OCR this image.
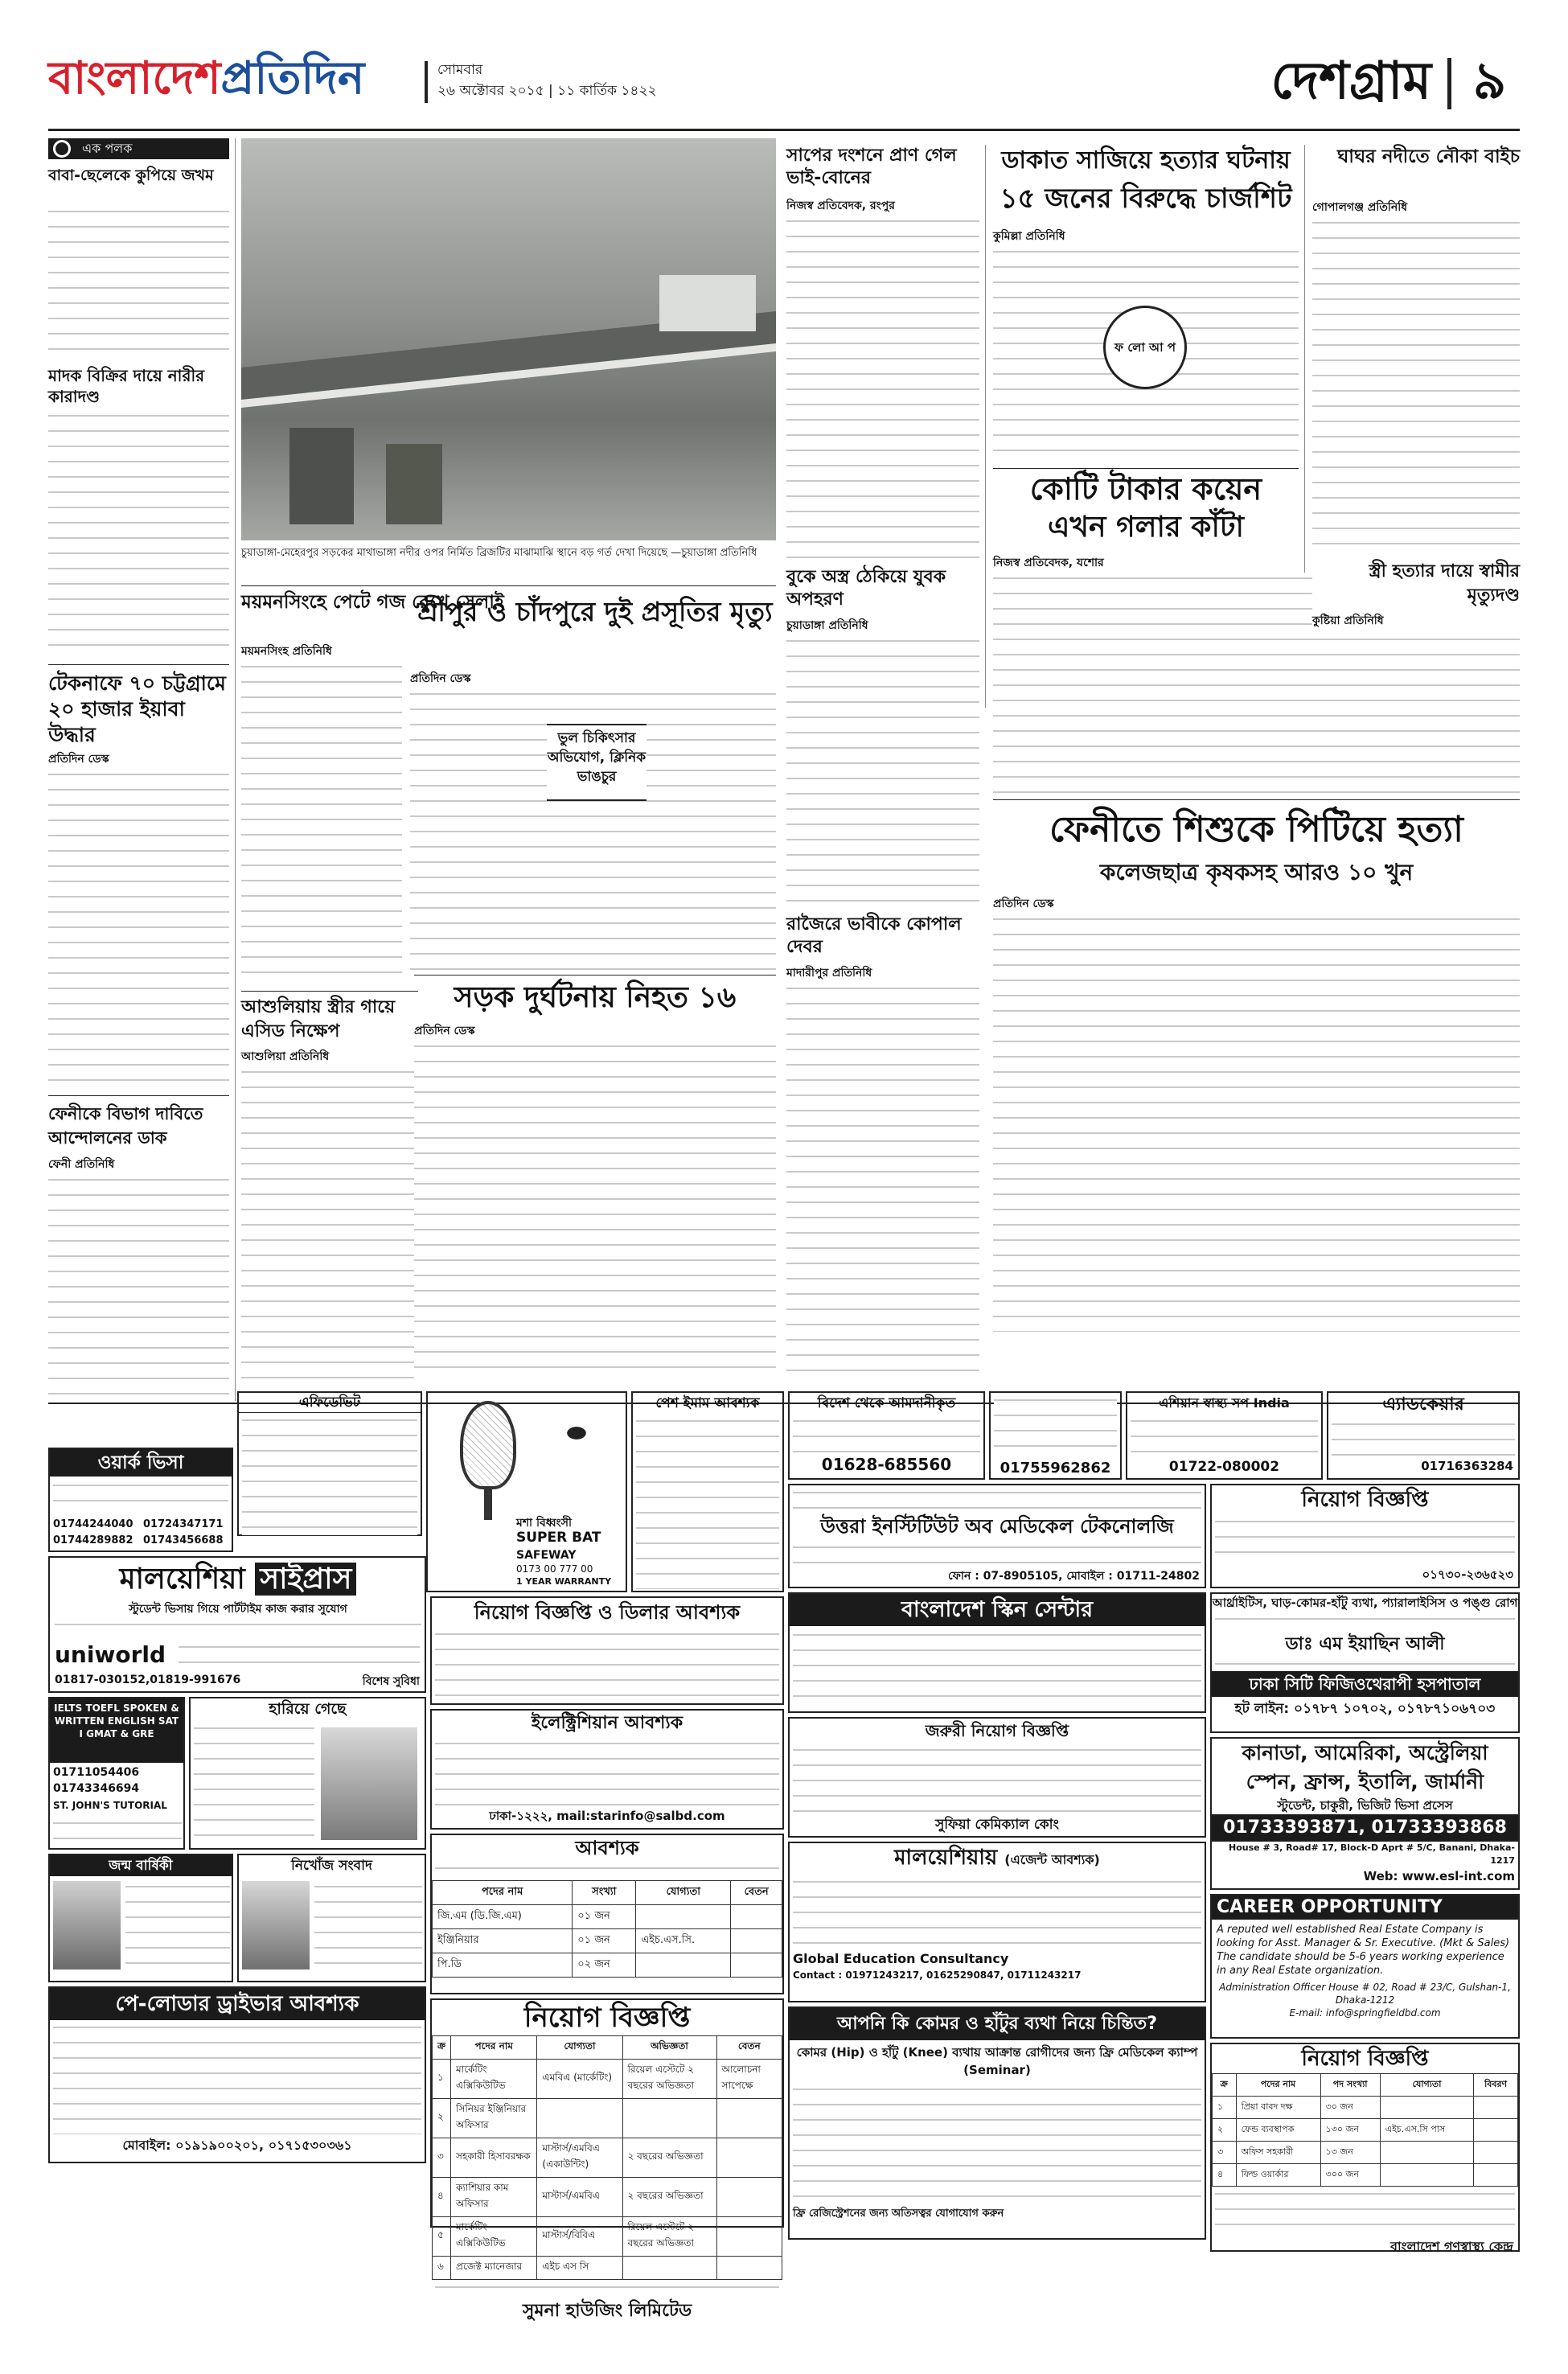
বাংলাদেশপ্রতিদিন	সোমবার
২৬ অক্টোবর ২০১৫ | ১১ কার্তিক ১৪২২	দেশগ্রাম ৯
এক পলক
বাবা-ছেলেকে কুপিয়ে জখম
মাদক বিক্রির দায়ে নারীর কারাদণ্ড
টেকনাফে ৭০ চট্টগ্রামে ২০ হাজার ইয়াবা উদ্ধার
প্রতিদিন ডেস্ক
ফেনীকে বিভাগ দাবিতে আন্দোলনের ডাক
ফেনী প্রতিনিধি
চুয়াডাঙ্গা-মেহেরপুর সড়কের মাথাভাঙ্গা নদীর ওপর নির্মিত ব্রিজটির মাঝামাঝি স্থানে বড় গর্ত দেখা দিয়েছে —চুয়াডাঙ্গা প্রতিনিধি
সাপের দংশনে প্রাণ গেল ভাই-বোনের
নিজস্ব প্রতিবেদক, রংপুর
ডাকাত সাজিয়ে হত্যার ঘটনায়
১৫ জনের বিরুদ্ধে চার্জশিট
কুমিল্লা প্রতিনিধি
ফ লো আ প
ঘাঘর নদীতে নৌকা বাইচ
গোপালগঞ্জ প্রতিনিধি
কোটি টাকার কয়েন
এখন গলার কাঁটা
নিজস্ব প্রতিবেদক, যশোর	স্ত্রী হত্যার দায়ে স্বামীর মৃত্যুদণ্ড
কুষ্টিয়া প্রতিনিধি
বুকে অস্ত্র ঠেকিয়ে যুবক অপহরণ
চুয়াডাঙ্গা প্রতিনিধি
ময়মনসিংহে পেটে গজ রেখে সেলাই
ময়মনসিংহ প্রতিনিধি
শ্রীপুর ও চাঁদপুরে দুই প্রসূতির মৃত্যু
প্রতিদিন ডেস্ক
ভুল চিকিৎসার অভিযোগ, ক্লিনিক ভাঙচুর
রাজৈরে ভাবীকে কোপাল দেবর
মাদারীপুর প্রতিনিধি
আশুলিয়ায় স্ত্রীর গায়ে এসিড নিক্ষেপ
আশুলিয়া প্রতিনিধি
সড়ক দুর্ঘটনায় নিহত ১৬
প্রতিদিন ডেস্ক
ফেনীতে শিশুকে পিটিয়ে হত্যা
কলেজছাত্র কৃষকসহ আরও ১০ খুন
প্রতিদিন ডেস্ক
এফিডেভিট
মশা বিধ্বংসী
SUPER BAT
SAFEWAY
0173 00 777 00
1 YEAR WARRANTY
পেশ ইমাম আবশ্যক	বিদেশ থেকে আমদানীকৃত
01628-685560	01755962862
এশিয়ান স্বাস্থ্য সপ India
01722-080002
এ্যাডকেয়ার
01716363284
ওয়ার্ক ভিসা
01744244040 01724347171
01744289882 01743456688
উত্তরা ইনস্টিটিউট অব মেডিকেল টেকনোলজি
ফোন : 07-8905105, মোবাইল : 01711-24802
নিয়োগ বিজ্ঞপ্তি
০১৭৩০-২৩৬৫২৩
মালয়েশিয়া সাইপ্রাস
স্টুডেন্ট ভিসায় গিয়ে পার্টটাইম কাজ করার সুযোগ
uniworld
01817-030152,01819-991676	বিশেষ সুবিধা
নিয়োগ বিজ্ঞপ্তি ও ডিলার আবশ্যক	বাংলাদেশ স্কিন সেন্টার	আর্থ্রাইটিস, ঘাড়-কোমর-হাঁটু ব্যথা, প্যারালাইসিস ও পঙ্গু রোগ
ডাঃ এম ইয়াছিন আলী
ঢাকা সিটি ফিজিওথেরাপী হসপাতাল
হট লাইন: ০১৭৮৭ ১০৭০২, ০১৭৮৭১০৬৭০৩
হারিয়ে গেছে
IELTS TOEFL SPOKEN & WRITTEN ENGLISH SAT I GMAT & GRE
01711054406
01743346694
ST. JOHN'S TUTORIAL
ইলেক্ট্রিশিয়ান আবশ্যক
ঢাকা-১২২২, mail:starinfo@salbd.com
জরুরী নিয়োগ বিজ্ঞপ্তি
সুফিয়া কেমিক্যাল কোং
কানাডা, আমেরিকা, অস্ট্রেলিয়া
স্পেন, ফ্রান্স, ইতালি, জার্মানী
স্টুডেন্ট, চাকুরী, ভিজিট ভিসা প্রসেস
01733393871, 01733393868
House # 3, Road# 17, Block-D Aprt # 5/C, Banani, Dhaka-1217
Web: www.esl-int.com
জন্ম বার্ষিকী	নিখোঁজ সংবাদ
আবশ্যক
পদের নাম	সংখ্যা	যোগ্যতা	বেতন
জি.এম (ডি.জি.এম)	০১ জন		
ইঞ্জিনিয়ার	০১ জন	এইচ.এস.সি.	
পি.ডি	০২ জন		
মালয়েশিয়ায় (এজেন্ট আবশ্যক)
Global Education Consultancy
Contact : 01971243217, 01625290847, 01711243217
CAREER OPPORTUNITY
A reputed well established Real Estate Company is looking for Asst. Manager & Sr. Executive. (Mkt & Sales) The candidate should be 5-6 years working experience in any Real Estate organization.
Administration Officer House # 02, Road # 23/C, Gulshan-1, Dhaka-1212
E-mail: info@springfieldbd.com
পে-লোডার ড্রাইভার আবশ্যক
মোবাইল: ০১৯১৯০০২০১, ০১৭১৫৩০৩৬১
নিয়োগ বিজ্ঞপ্তি
ক্র	পদের নাম	যোগ্যতা	অভিজ্ঞতা	বেতন
১	মার্কেটিং এক্সিকিউটিভ	এমবিএ (মার্কেটিং)	রিয়েল এস্টেটে ২ বছরের অভিজ্ঞতা	আলোচনা সাপেক্ষে
২	সিনিয়র ইঞ্জিনিয়ার অফিসার			
৩	সহকারী হিসাবরক্ষক	মাস্টার্স/এমবিএ (একাউন্টিং)	২ বছরের অভিজ্ঞতা	
৪	ক্যাশিয়ার কাম অফিসার	মাস্টার্স/এমবিএ	২ বছরের অভিজ্ঞতা	
৫	মার্কেটিং এক্সিকিউটিভ	মাস্টার্স/বিবিএ	রিয়েল এস্টেটে ২ বছরের অভিজ্ঞতা	
৬	প্রজেক্ট ম্যানেজার	এইচ এস সি		
সুমনা হাউজিং লিমিটেড
আপনি কি কোমর ও হাঁটুর ব্যথা নিয়ে চিন্তিত?
কোমর (Hip) ও হাঁটু (Knee) ব্যথায় আক্রান্ত রোগীদের জন্য ফ্রি মেডিকেল ক্যাম্প (Seminar)
ফ্রি রেজিস্ট্রেশনের জন্য অতিসত্বর যোগাযোগ করুন
নিয়োগ বিজ্ঞপ্তি
ক্র	পদের নাম	পদ সংখ্যা	যোগ্যতা	বিবরণ
১	প্রিয়া বাবদ দক্ষ	৩০ জন		
২	ফেন্ড ব্যবস্থাপক	১৩০ জন	এইচ.এস.সি পাস	
৩	অফিস সহকারী	১৩ জন		
৪	ফিল্ড ওয়ার্কার	৩০০ জন		
বাংলাদেশ গণস্বাস্থ্য কেন্দ্র
